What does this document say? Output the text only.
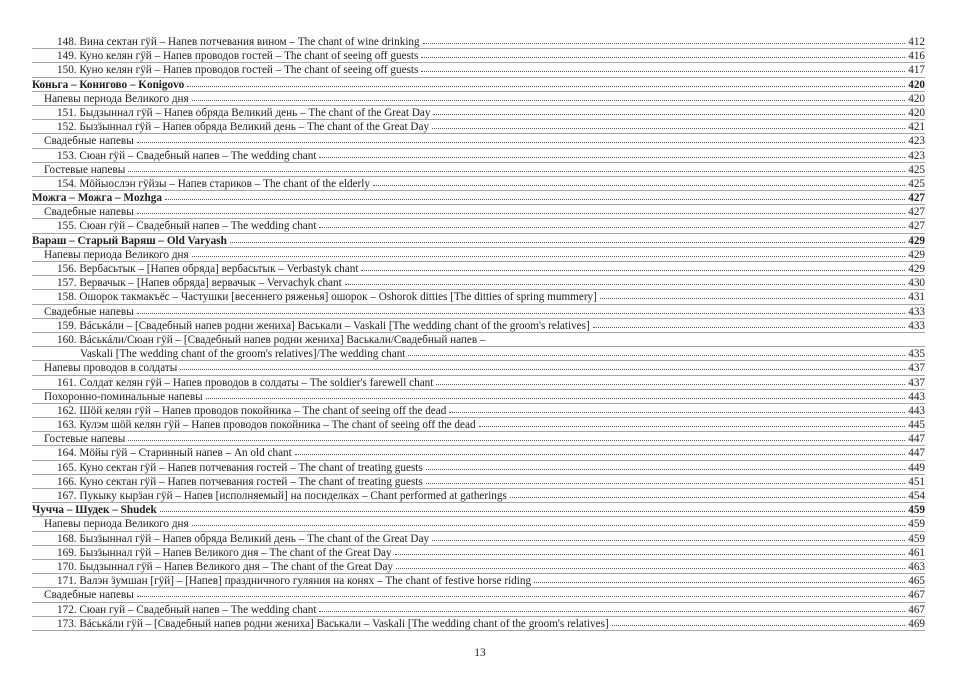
148. Вина сектан гӱй – Напев потчевания вином – The chant of wine drinking	412
149. Куно келян гӱй – Напев проводов гостей – The chant of seeing off guests	416
150. Куно келян гӱй – Напев проводов гостей – The chant of seeing off guests	417
Коньга – Конигово – Konigovo	420
Напевы периода Великого дня	420
151. Быдзыннал гӱй – Напев обряда Великий день – The chant of the Great Day	420
152. Бызӟыннал гӱй – Напев обряда Великий день – The chant of the Great Day	421
Свадебные напевы	423
153. Сюан гӱй – Свадебный напев – The wedding chant	423
Гостевые напевы	425
154. Мӧйыослэн гӱйзы – Напев стариков – The chant of the elderly	425
Можга – Можга – Mozhga	427
Свадебные напевы	427
155. Сюан гӱй – Свадебный напев – The wedding chant	427
Вараш – Старый Варяш – Old Varyash	429
Напевы периода Великого дня	429
156. Вербасьтык – [Напев обряда] вербасьтык – Verbastyk chant	429
157. Вервачык – [Напев обряда] вервачык – Vervachyk chant	430
158. Ошорок такмакъёс – Частушки [весеннего ряженья] ошорок – Oshorok ditties [The ditties of spring mummery]	431
Свадебные напевы	433
159. Вáськáли – [Свадебный напев родни жениха] Васькали – Vaskali [The wedding chant of the groom's relatives]	433
160. Вáськáли/Сюан гӱй – [Свадебный напев родни жениха] Васькали/Свадебный напев –
Vaskali [The wedding chant of the groom's relatives]/The wedding chant	435
Напевы проводов в солдаты	437
161. Солдат келян гӱй – Напев проводов в солдаты – The soldier's farewell chant	437
Похоронно-поминальные напевы	443
162. Шӧй келян гӱй – Напев проводов покойника – The chant of seeing off the dead	443
163. Кулэм шӧй келян гӱй – Напев проводов покойника – The chant of seeing off the dead	445
Гостевые напевы	447
164. Мӧйы гӱй – Старинный напев – An old chant	447
165. Куно сектан гӱй – Напев потчевания гостей – The chant of treating guests	449
166. Куно сектан гӱй – Напев потчевания гостей – The chant of treating guests	451
167. Пукыку кырӟан гӱй – Напев [исполняемый] на посиделках – Chant performed at gatherings	454
Чучча – Шудек – Shudek	459
Напевы периода Великого дня	459
168. Бызӟыннал гӱй – Напев обряда Великий день – The chant of the Great Day	459
169. Бызӟыннал гӱй – Напев Великого дня – The chant of the Great Day	461
170. Быдзыннал гӱй – Напев Великого дня – The chant of the Great Day	463
171. Валэн ӟумшан [гӱй] – [Напев] праздничного гуляния на конях – The chant of festive horse riding	465
Свадебные напевы	467
172. Сюан гуй – Свадебный напев – The wedding chant	467
173. Вáськáли гӱй – [Свадебный напев родни жениха] Васькали – Vaskali [The wedding chant of the groom's relatives]	469
13
